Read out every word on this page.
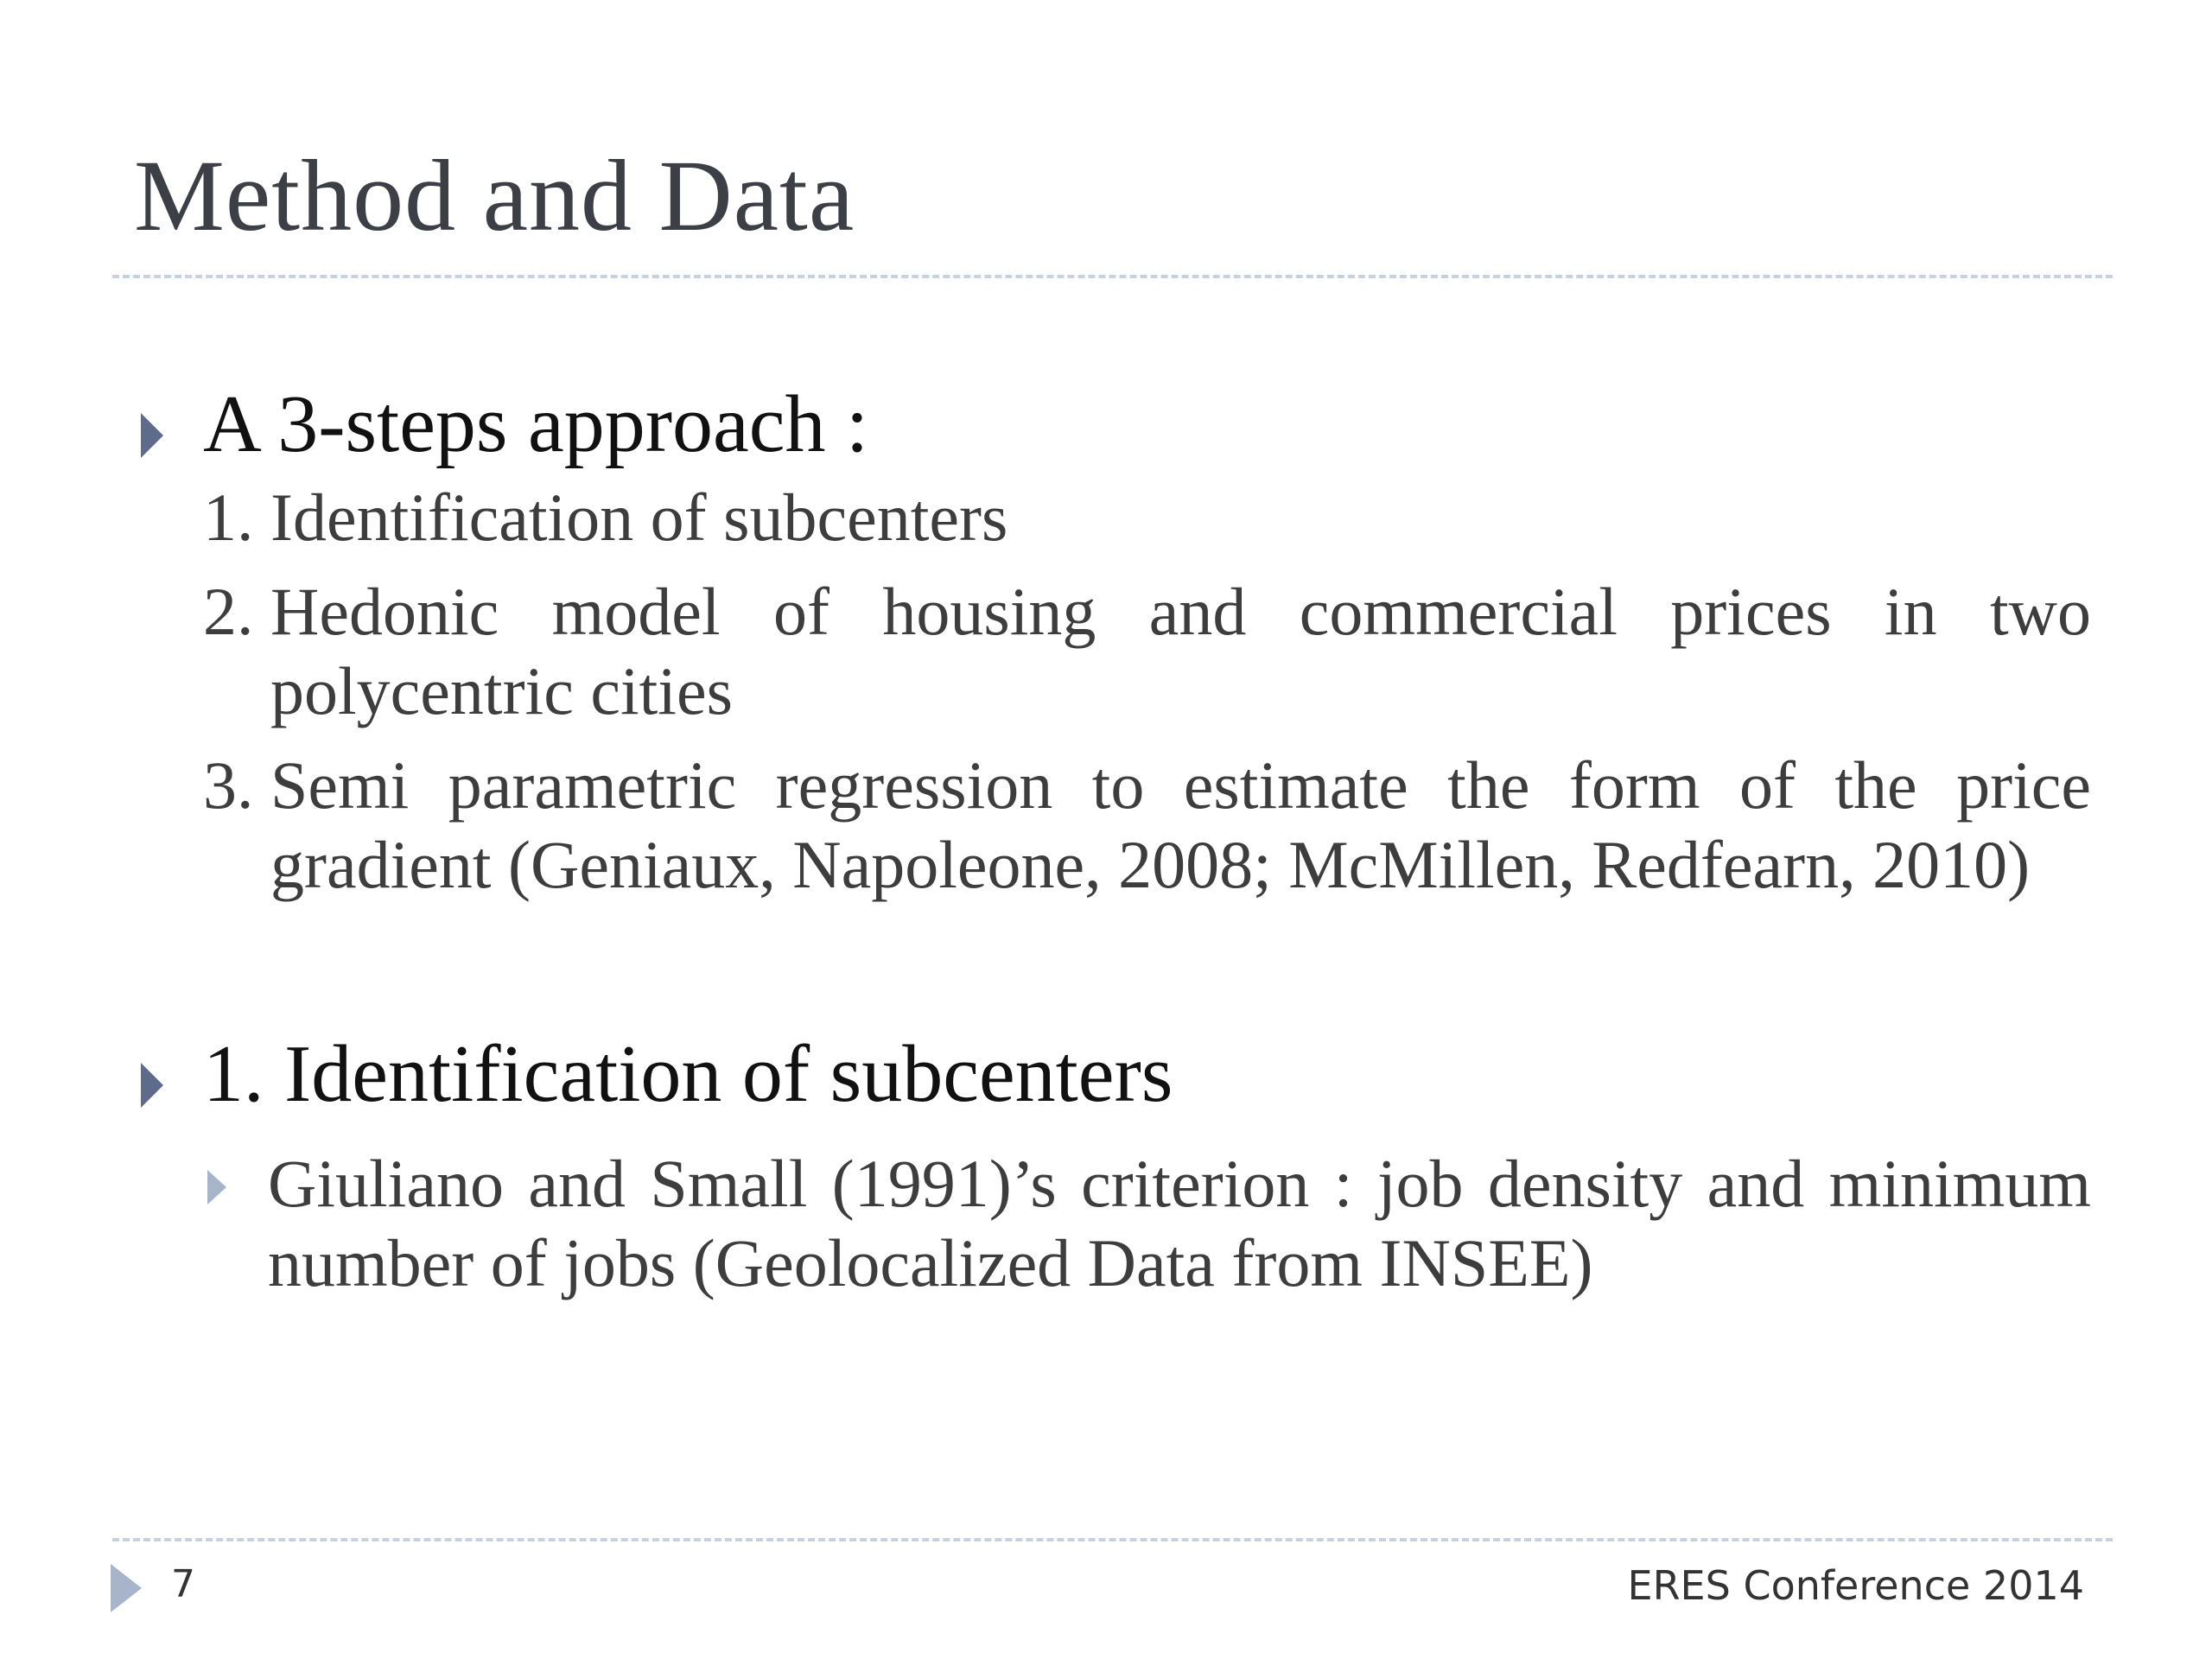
Method and Data
A 3-steps approach :
1. Identification of subcenters
2. Hedonic model of housing and commercial prices in two polycentric cities
3. Semi parametric regression to estimate the form of the price gradient (Geniaux, Napoleone, 2008; McMillen, Redfearn, 2010)
1. Identification of subcenters
Giuliano and Small (1991)’s criterion : job density and minimum number of jobs (Geolocalized Data from INSEE)
7	ERES Conference 2014
